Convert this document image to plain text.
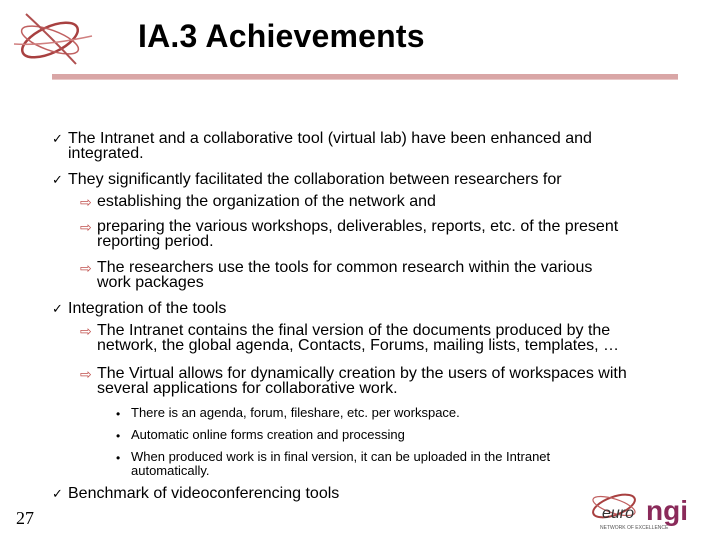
IA.3 Achievements
✓ The Intranet and a collaborative tool (virtual lab) have been enhanced and
integrated.
✓ They significantly facilitated the collaboration between researchers for
⇨ establishing the organization of the network and
⇨ preparing the various workshops, deliverables, reports, etc. of the present
reporting period.
⇨ The researchers use the tools for common research within the various
work packages
✓ Integration of the tools
⇨ The Intranet contains the final version of the documents produced by the
network, the global agenda, Contacts, Forums, mailing lists, templates, …
⇨ The Virtual allows for dynamically creation by the users of workspaces with
several applications for collaborative work.
• There is an agenda, forum, fileshare, etc. per workspace.
• Automatic online forms creation and processing
• When produced work is in final version, it can be uploaded in the Intranet
automatically.
✓ Benchmark of videoconferencing tools
27	euro ngi
NETWORK OF EXCELLENCE
